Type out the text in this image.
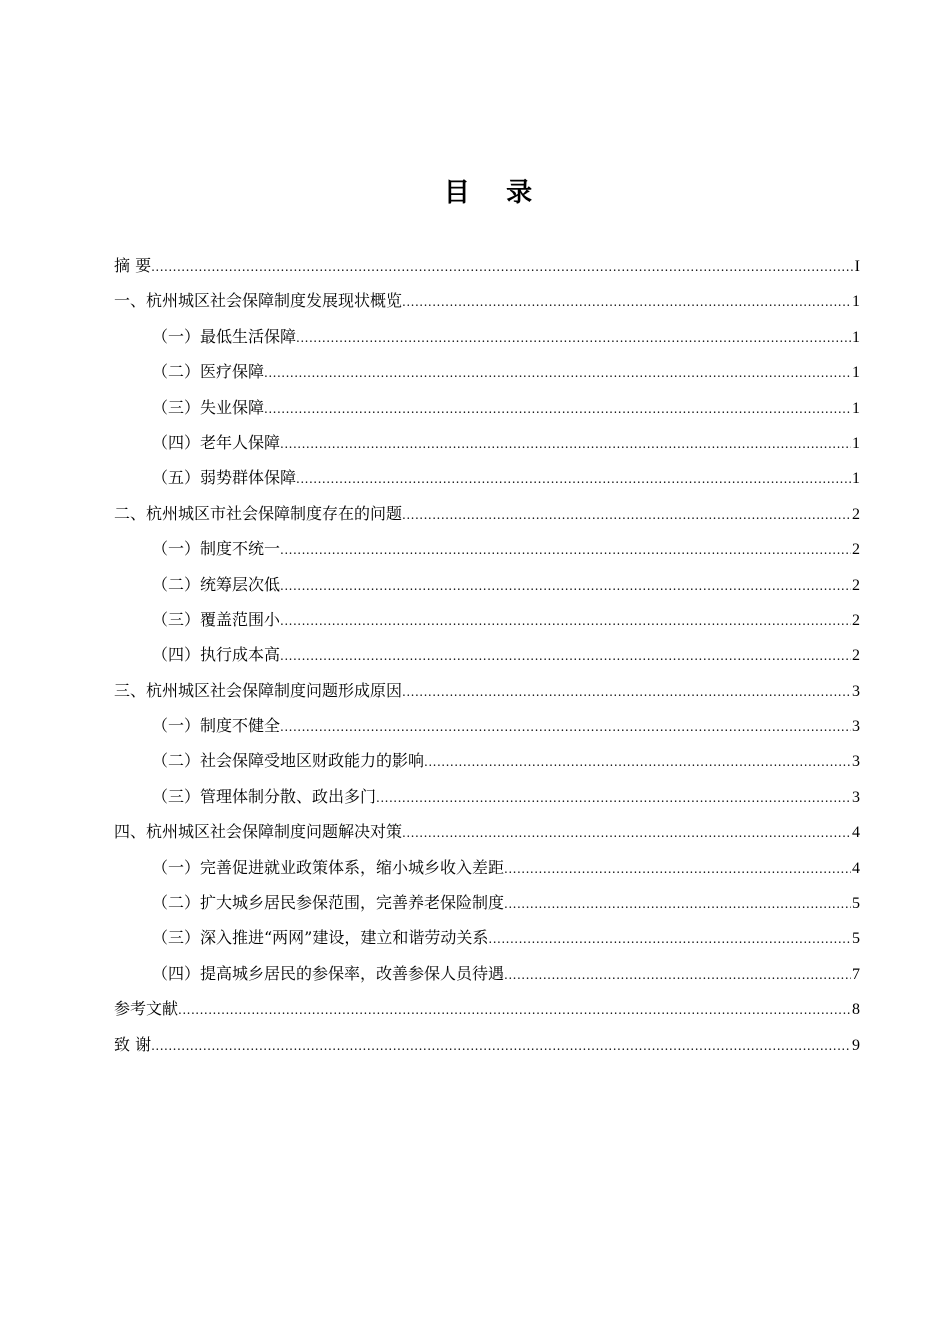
目    录
摘 要 .....	I
一、杭州城区社会保障制度发展现状概览 .....	1
（一）最低生活保障 .....	1
（二）医疗保障 .....	1
（三）失业保障 .....	1
（四）老年人保障 .....	1
（五）弱势群体保障 .....	1
二、杭州城区市社会保障制度存在的问题 .....	2
（一）制度不统一 .....	2
（二）统筹层次低 .....	2
（三）覆盖范围小 .....	2
（四）执行成本高 .....	2
三、杭州城区社会保障制度问题形成原因 .....	3
（一）制度不健全 .....	3
（二）社会保障受地区财政能力的影响 .....	3
（三）管理体制分散、政出多门 .....	3
四、杭州城区社会保障制度问题解决对策 .....	4
（一）完善促进就业政策体系，缩小城乡收入差距 .....	4
（二）扩大城乡居民参保范围，完善养老保险制度 .....	5
（三）深入推进“两网”建设，建立和谐劳动关系 .....	5
（四）提高城乡居民的参保率，改善参保人员待遇 .....	7
参考文献 .....	8
致 谢 .....	9
